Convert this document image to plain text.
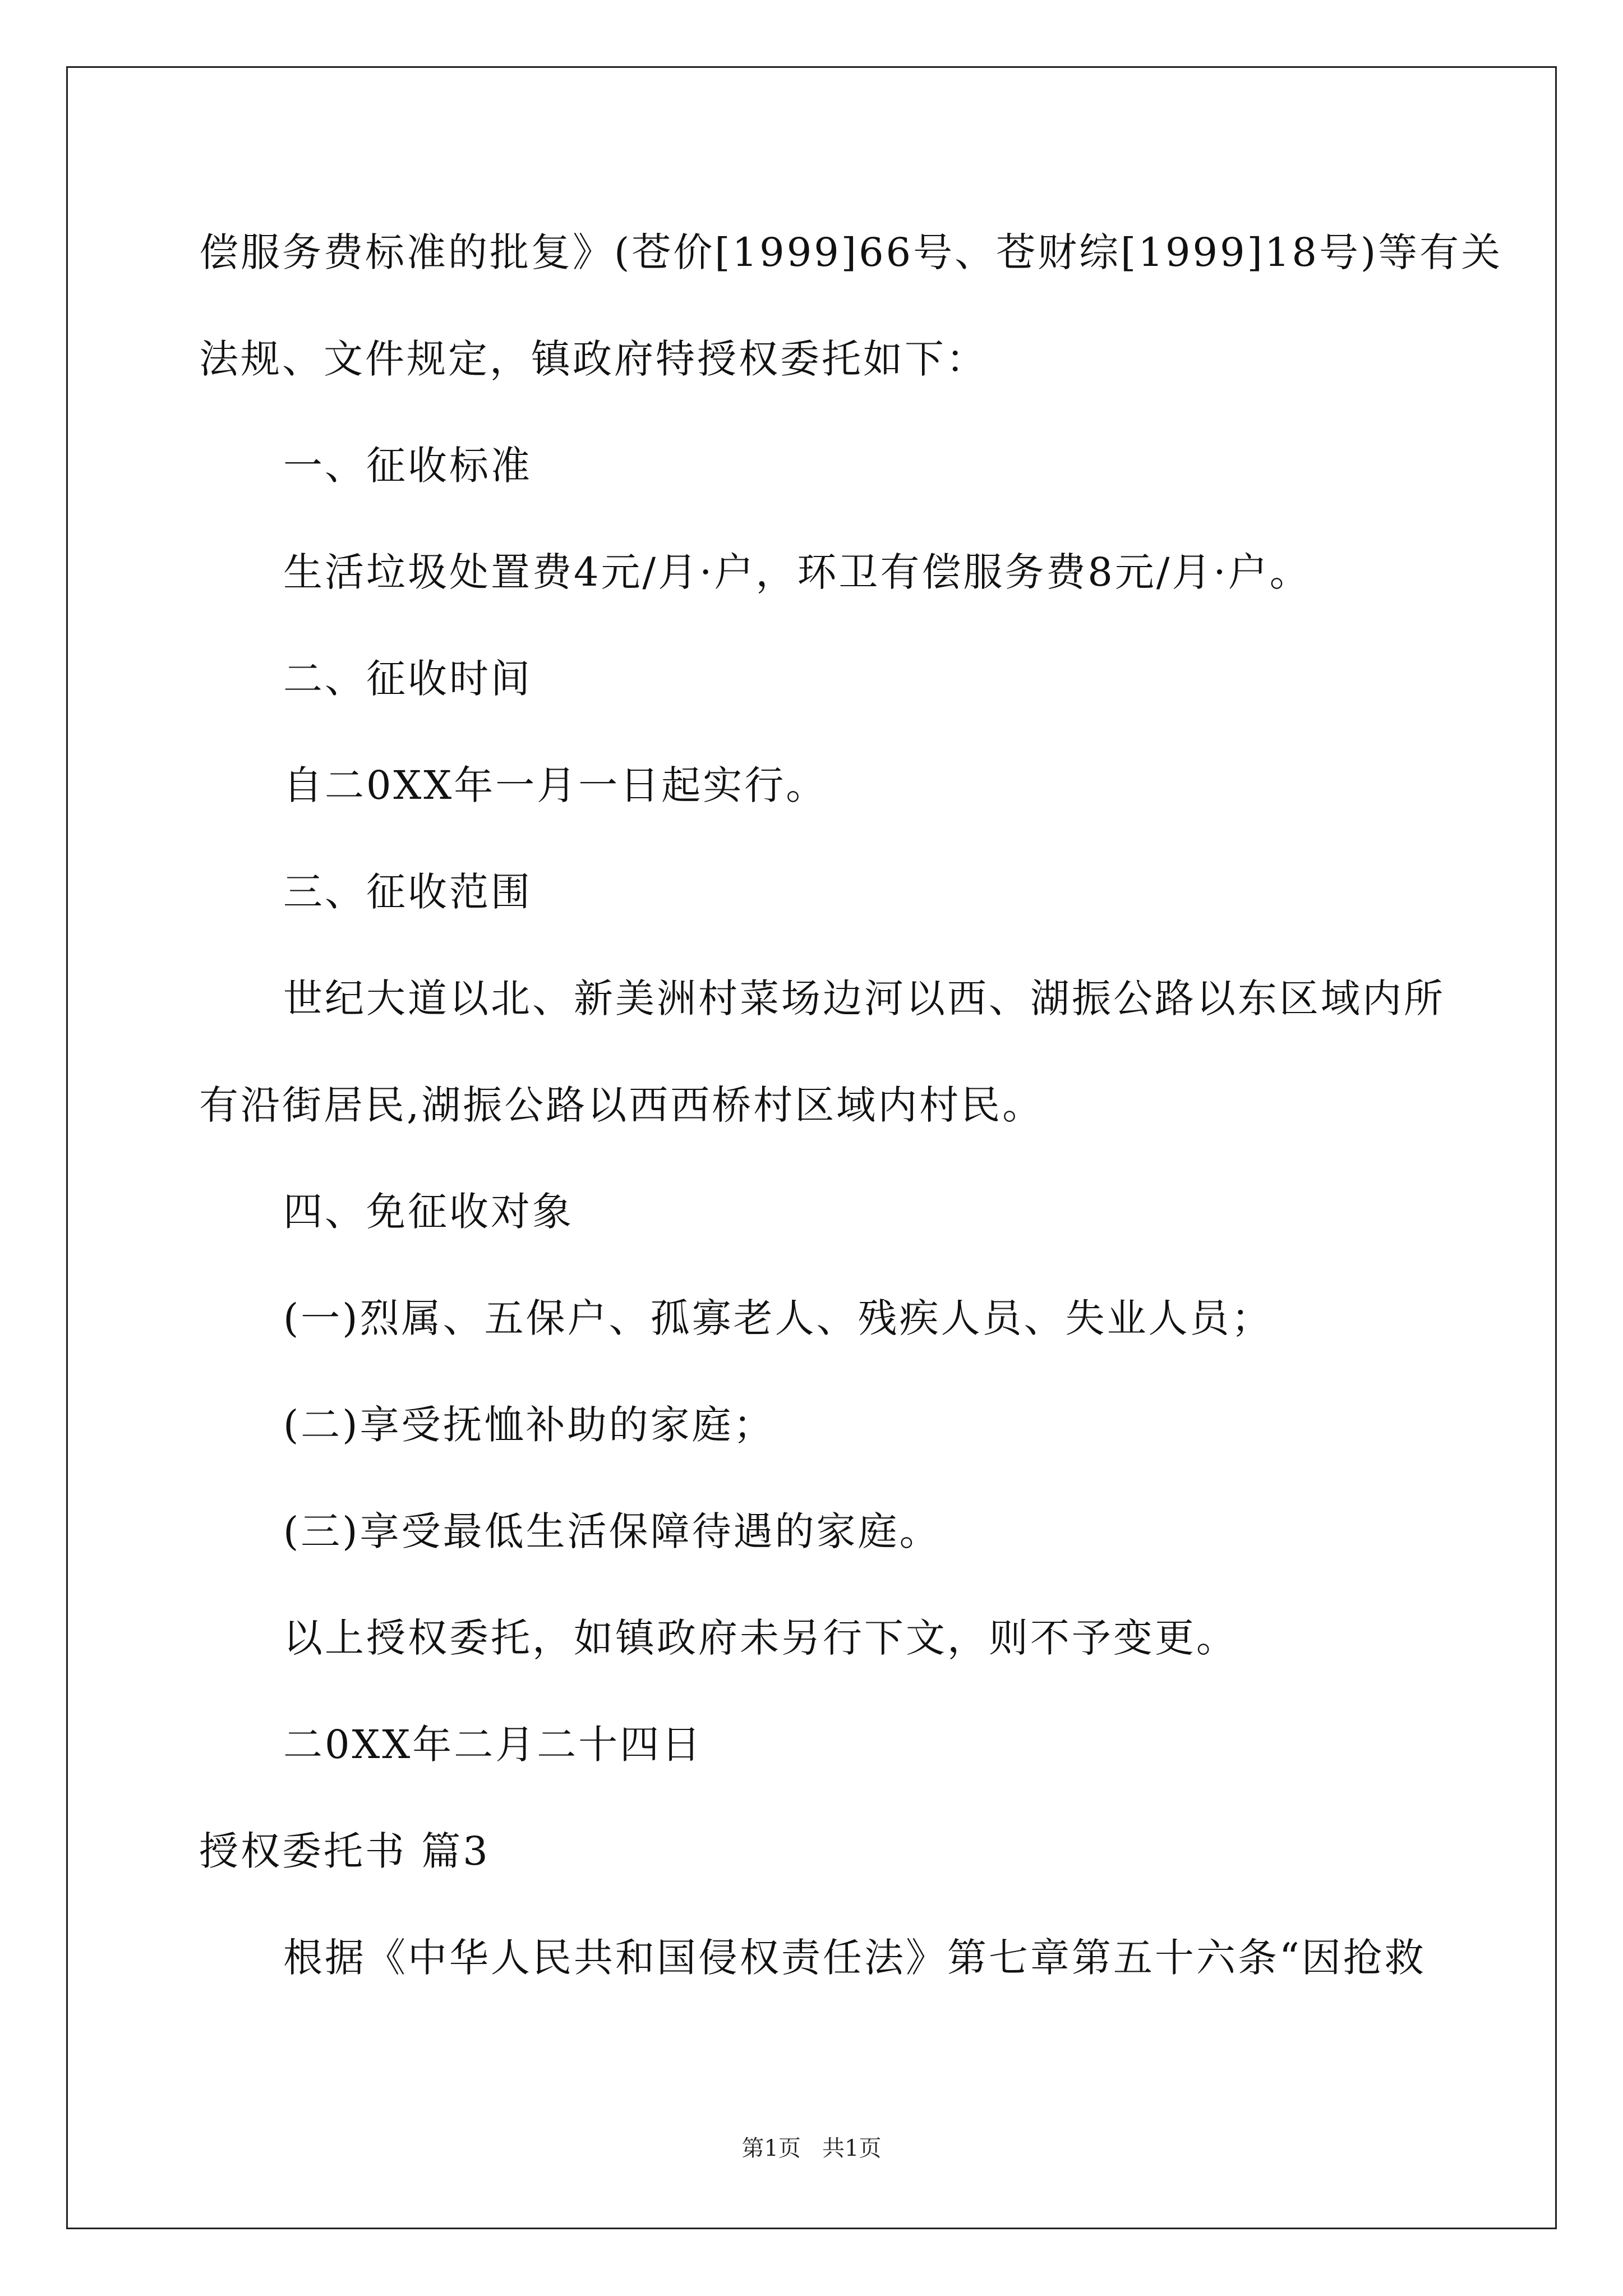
偿服务费标准的批复》(苍价[1999]66号、苍财综[1999]18号)等有关
法规、文件规定，镇政府特授权委托如下：
一、征收标准
生活垃圾处置费4元/月·户，环卫有偿服务费8元/月·户。
二、征收时间
自二0XX年一月一日起实行。
三、征收范围
世纪大道以北、新美洲村菜场边河以西、湖振公路以东区域内所
有沿街居民,湖振公路以西西桥村区域内村民。
四、免征收对象
(一)烈属、五保户、孤寡老人、残疾人员、失业人员；
(二)享受抚恤补助的家庭；
(三)享受最低生活保障待遇的家庭。
以上授权委托，如镇政府未另行下文，则不予变更。
二0XX年二月二十四日
授权委托书 篇3
根据《中华人民共和国侵权责任法》第七章第五十六条“因抢救
第1页   共1页
